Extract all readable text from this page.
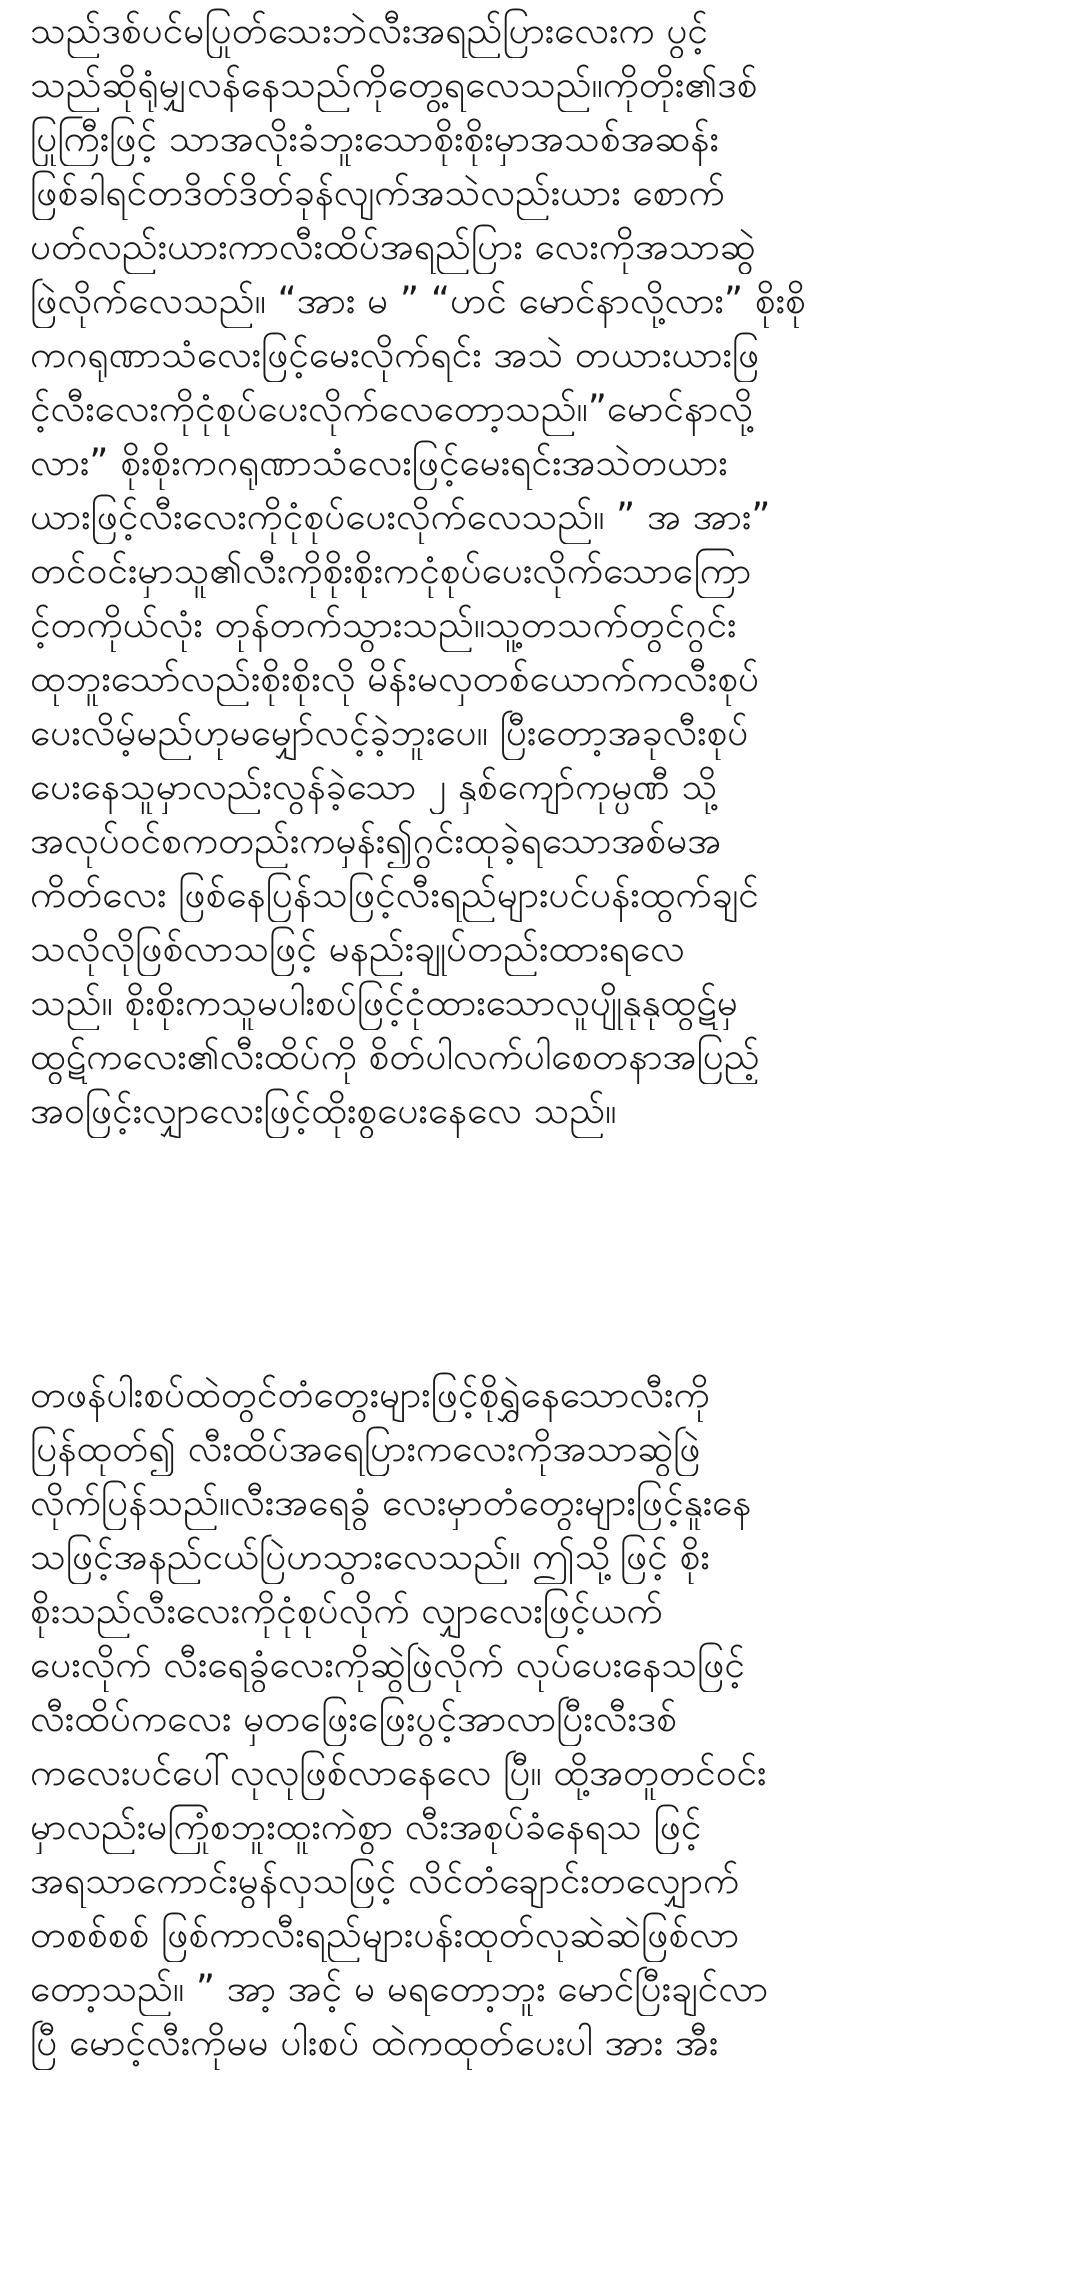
သည်ဒစ်ပင်မပြုတ်သေးဘဲလီးအရည်ပြားလေးက ပွင့်
သည်ဆိုရုံမျှလန်နေသည်ကိုတွေ့ရလေသည်။ကိုတိုး၏ဒစ်
ပြုကြီးဖြင့် သာအလိုးခံဘူးသောစိုးစိုးမှာအသစ်အဆန်း
ဖြစ်ခါရင်တဒိတ်ဒိတ်ခုန်လျက်အသဲလည်းယား စောက်
ပတ်လည်းယားကာလီးထိပ်အရည်ပြား လေးကိုအသာဆွဲ
ဖြဲလိုက်လေသည်။ “အား မ ” “ဟင် မောင်နာလို့လား” စိုးစို
ကဂရုဏာသံလေးဖြင့်မေးလိုက်ရင်း အသဲ တယားယားဖြ
င့်လီးလေးကိုငုံစုပ်ပေးလိုက်လေတော့သည်။”မောင်နာလို့
လား” စိုးစိုးကဂရုဏာသံလေးဖြင့်မေးရင်းအသဲတယား
ယားဖြင့်လီးလေးကိုငုံစုပ်ပေးလိုက်လေသည်။ ” အ အား”
တင်ဝင်းမှာသူ၏လီးကိုစိုးစိုးကငုံစုပ်ပေးလိုက်သောကြော
င့်တကိုယ်လုံး တုန်တက်သွားသည်။သူ့တသက်တွင်ဂွင်း
ထုဘူးသော်လည်းစိုးစိုးလို မိန်းမလှတစ်ယောက်ကလီးစုပ်
ပေးလိမ့်မည်ဟုမမျှော်လင့်ခဲ့ဘူးပေ။ ပြီးတော့အခုလီးစုပ်
ပေးနေသူမှာလည်းလွန်ခဲ့သော ၂ နှစ်ကျော်ကုမ္ပဏီ သို့
အလုပ်ဝင်စကတည်းကမှန်း၍ဂွင်းထုခဲ့ရသောအစ်မအ
ကိတ်လေး ဖြစ်နေပြန်သဖြင့်လီးရည်များပင်ပန်းထွက်ချင်
သလိုလိုဖြစ်လာသဖြင့် မနည်းချုပ်တည်းထားရလေ
သည်။ စိုးစိုးကသူမပါးစပ်ဖြင့်ငုံထားသောလူပျိုနုနုထွဋ်မှ
ထွဋ်ကလေး၏လီးထိပ်ကို စိတ်ပါလက်ပါစေတနာအပြည့်
အဝဖြင့်းလျှာလေးဖြင့်ထိုးစွပေးနေလေ သည်။
တဖန်ပါးစပ်ထဲတွင်တံတွေးများဖြင့်စိုရွှဲနေသောလီးကို
ပြန်ထုတ်၍ လီးထိပ်အရေပြားကလေးကိုအသာဆွဲဖြဲ
လိုက်ပြန်သည်။လီးအရေခွံ လေးမှာတံတွေးများဖြင့်နူးနေ
သဖြင့်အနည်ငယ်ပြဲဟသွားလေသည်။ ဤသို့ဖြင့် စိုး
စိုးသည်လီးလေးကိုငုံစုပ်လိုက် လျှာလေးဖြင့်ယက်
ပေးလိုက် လီးရေခွံလေးကိုဆွဲဖြဲလိုက် လုပ်ပေးနေသဖြင့်
လီးထိပ်ကလေး မှတဖြေးဖြေးပွင့်အာလာပြီးလီးဒစ်
ကလေးပင်ပေါ်လုလုဖြစ်လာနေလေ ပြီ။ ထို့အတူတင်ဝင်း
မှာလည်းမကြုံစဘူးထူးကဲစွာ လီးအစုပ်ခံနေရသ ဖြင့်
အရသာကောင်းမွန်လှသဖြင့် လိင်တံချောင်းတလျှောက်
တစစ်စစ် ဖြစ်ကာလီးရည်များပန်းထုတ်လုဆဲဆဲဖြစ်လာ
တော့သည်။ ” အာ့ အင့် မ မရတော့ဘူး မောင်ပြီးချင်လာ
ပြီ မောင့်လီးကိုမမ ပါးစပ် ထဲကထုတ်ပေးပါ အား အီး
